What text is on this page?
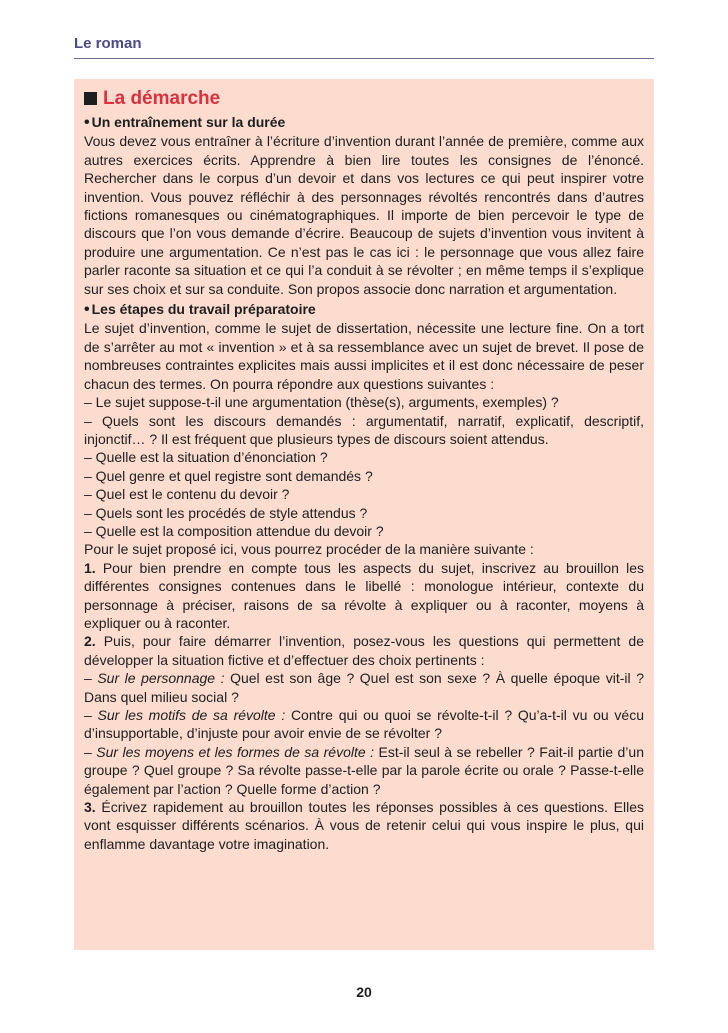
Le roman
La démarche
• Un entraînement sur la durée

Vous devez vous entraîner à l’écriture d’invention durant l’année de première, comme aux autres exercices écrits. Apprendre à bien lire toutes les consignes de l’énoncé. Rechercher dans le corpus d’un devoir et dans vos lectures ce qui peut inspirer votre invention. Vous pouvez réfléchir à des personnages révoltés rencontrés dans d’autres fictions romanesques ou cinématographiques. Il importe de bien percevoir le type de discours que l’on vous demande d’écrire. Beaucoup de sujets d’invention vous invitent à produire une argumentation. Ce n’est pas le cas ici : le personnage que vous allez faire parler raconte sa situation et ce qui l’a conduit à se révolter ; en même temps il s’explique sur ses choix et sur sa conduite. Son propos associe donc narration et argumentation.

• Les étapes du travail préparatoire

Le sujet d’invention, comme le sujet de dissertation, nécessite une lecture fine. On a tort de s’arrêter au mot « invention » et à sa ressemblance avec un sujet de brevet. Il pose de nombreuses contraintes explicites mais aussi implicites et il est donc nécessaire de peser chacun des termes. On pourra répondre aux questions suivantes :

– Le sujet suppose-t-il une argumentation (thèse(s), arguments, exemples) ?

– Quels sont les discours demandés : argumentatif, narratif, explicatif, descriptif, injonctif… ? Il est fréquent que plusieurs types de discours soient attendus.

– Quelle est la situation d’énonciation ?

– Quel genre et quel registre sont demandés ?

– Quel est le contenu du devoir ?

– Quels sont les procédés de style attendus ?

– Quelle est la composition attendue du devoir ?

Pour le sujet proposé ici, vous pourrez procéder de la manière suivante :

1. Pour bien prendre en compte tous les aspects du sujet, inscrivez au brouillon les différentes consignes contenues dans le libellé : monologue intérieur, contexte du personnage à préciser, raisons de sa révolte à expliquer ou à raconter, moyens à expliquer ou à raconter.

2. Puis, pour faire démarrer l’invention, posez-vous les questions qui permettent de développer la situation fictive et d’effectuer des choix pertinents :

– Sur le personnage : Quel est son âge ? Quel est son sexe ? À quelle époque vit-il ? Dans quel milieu social ?

– Sur les motifs de sa révolte : Contre qui ou quoi se révolte-t-il ? Qu’a-t-il vu ou vécu d’insupportable, d’injuste pour avoir envie de se révolter ?

– Sur les moyens et les formes de sa révolte : Est-il seul à se rebeller ? Fait-il partie d’un groupe ? Quel groupe ? Sa révolte passe-t-elle par la parole écrite ou orale ? Passe-t-elle également par l’action ? Quelle forme d’action ?

3. Écrivez rapidement au brouillon toutes les réponses possibles à ces questions. Elles vont esquisser différents scénarios. À vous de retenir celui qui vous inspire le plus, qui enflamme davantage votre imagination.

20
